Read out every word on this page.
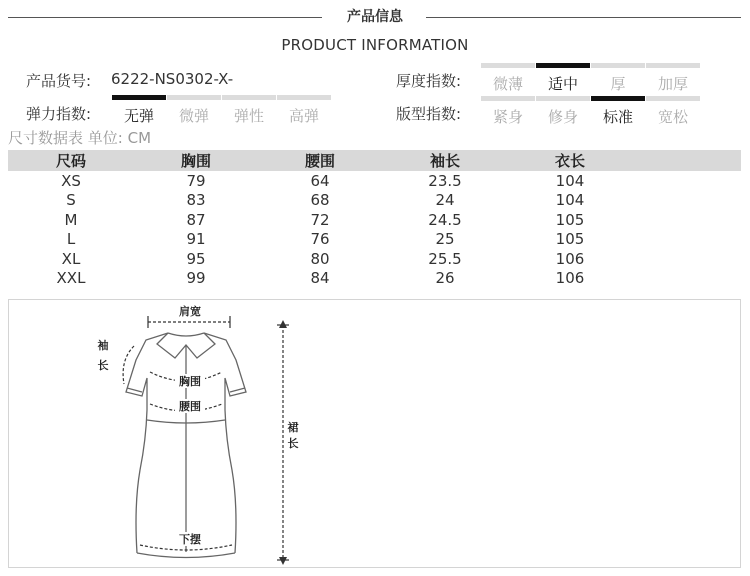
产品信息
PRODUCT INFORMATION
产品货号: 6222-NS0302-X-
弹力指数:	无弹	微弹	弹性	高弹
厚度指数:	微薄	适中	厚	加厚
版型指数:	紧身	修身	标准	宽松
尺寸数据表 单位: CM
尺码	胸围	腰围	袖长	衣长	
XS	79	64	23.5	104	
S	83	68	24	104	
M	87	72	24.5	105	
L	91	76	25	105	
XL	95	80	25.5	106	
XXL	99	84	26	106	
肩宽
袖
长
胸围
腰围
裙
长
下摆
